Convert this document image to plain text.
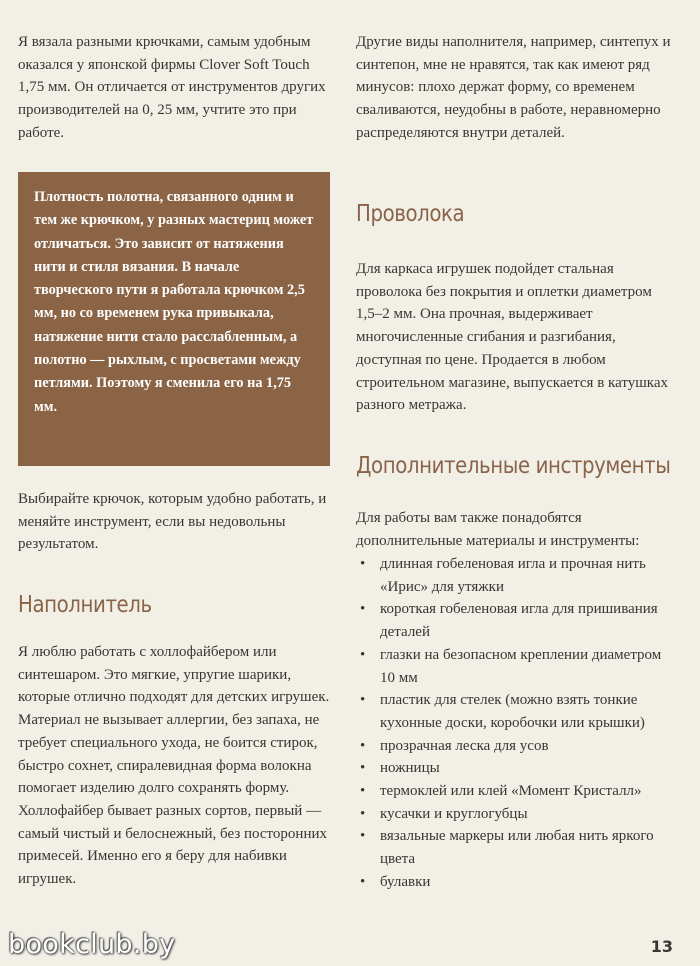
Я вязала разными крючками, самым удобным оказался у японской фирмы Clover Soft Touch 1,75 мм. Он отличается от инструментов других производителей на 0, 25 мм, учтите это при работе.

Плотность полотна, связанного одним и тем же крючком, у разных мастериц может отличаться. Это зависит от натяжения нити и стиля вязания. В начале творческого пути я работала крючком 2,5 мм, но со временем рука привыкала, натяжение нити стало расслабленным, а полотно — рыхлым, с просветами между петлями. Поэтому я сменила его на 1,75 мм.

Выбирайте крючок, которым удобно работать, и меняйте инструмент, если вы недовольны результатом.

Наполнитель

Я люблю работать с холлофайбером или синтешаром. Это мягкие, упругие шарики, которые отлично подходят для детских игрушек. Материал не вызывает аллергии, без запаха, не требует специального ухода, не боится стирок, быстро сохнет, спиралевидная форма волокна помогает изделию долго сохранять форму. Холлофайбер бывает разных сортов, первый — самый чистый и белоснежный, без посторонних примесей. Именно его я беру для набивки игрушек.

Другие виды наполнителя, например, синтепух и синтепон, мне не нравятся, так как имеют ряд минусов: плохо держат форму, со временем сваливаются, неудобны в работе, неравномерно распределяются внутри деталей.

Проволока

Для каркаса игрушек подойдет стальная проволока без покрытия и оплетки диаметром 1,5–2 мм. Она прочная, выдерживает многочисленные сгибания и разгибания, доступная по цене. Продается в любом строительном магазине, выпускается в катушках разного метража.

Дополнительные инструменты

Для работы вам также понадобятся дополнительные материалы и инструменты:

• длинная гобеленовая игла и прочная нить «Ирис» для утяжки
• короткая гобеленовая игла для пришивания деталей
• глазки на безопасном креплении диаметром 10 мм
• пластик для стелек (можно взять тонкие кухонные доски, коробочки или крышки)
• прозрачная леска для усов
• ножницы
• термоклей или клей «Момент Кристалл»
• кусачки и круглогубцы
• вязальные маркеры или любая нить яркого цвета
• булавки
bookclub.by	13
